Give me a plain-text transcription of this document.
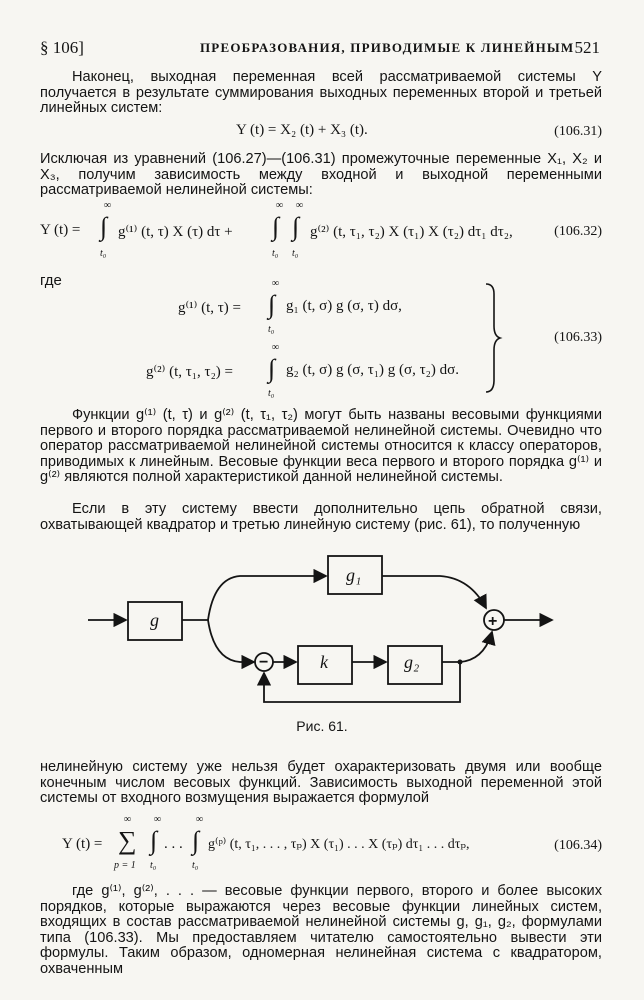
§ 106]	ПРЕОБРАЗОВАНИЯ, ПРИВОДИМЫЕ К ЛИНЕЙНЫМ 521
Наконец, выходная переменная всей рассматриваемой системы Y получается в результате суммирования выходных переменных второй и третьей линейных систем:
Y (t) = X₂ (t) + X₃ (t).	(106.31)
Исключая из уравнений (106.27)—(106.31) промежуточные переменные X₁, X₂ и X₃, получим зависимость между входной и выходной переменными рассматриваемой нелинейной системы:
Y (t) =
∞
∫
t₀
g⁽¹⁾ (t, τ) X (τ) dτ +
∞
∫
t₀
∞
∫
t₀
g⁽²⁾ (t, τ₁, τ₂) X (τ₁) X (τ₂) dτ₁ dτ₂,	(106.32)
где
g⁽¹⁾ (t, τ) =
∞
∫
t₀
g₁ (t, σ) g (σ, τ) dσ,
g⁽²⁾ (t, τ₁, τ₂) =
∞
∫
t₀
g₂ (t, σ) g (σ, τ₁) g (σ, τ₂) dσ.
(106.33)
Функции g⁽¹⁾ (t, τ) и g⁽²⁾ (t, τ₁, τ₂) могут быть названы весовыми функциями первого и второго порядка рассматриваемой нелинейной системы. Очевидно что оператор рассматриваемой нелинейной системы относится к классу операторов, приводимых к линейным. Весовые функции веса первого и второго порядка g⁽¹⁾ и g⁽²⁾ являются полной характеристикой данной нелинейной системы.
Если в эту систему ввести дополнительно цепь обратной связи, охватывающей квадратор и третью линейную систему (рис. 61), то полученную
g
g₁
k	g₂
+
−
Рис. 61.
нелинейную систему уже нельзя будет охарактеризовать двумя или вообще конечным числом весовых функций. Зависимость выходной переменной этой системы от входного возмущения выражается формулой
Y (t) =
∞
∑
p = 1
∞
∫
t₀
. . .
∞
∫
t₀
g⁽ᵖ⁾ (t, τ₁, . . . , τₚ) X (τ₁) . . . X (τₚ) dτ₁ . . . dτₚ,	(106.34)
где g⁽¹⁾, g⁽²⁾, . . . — весовые функции первого, второго и более высоких порядков, которые выражаются через весовые функции линейных систем, входящих в состав рассматриваемой нелинейной системы g, g₁, g₂, формулами типа (106.33). Мы предоставляем читателю самостоятельно вывести эти формулы. Таким образом, одномерная нелинейная система с квадратором, охваченным
